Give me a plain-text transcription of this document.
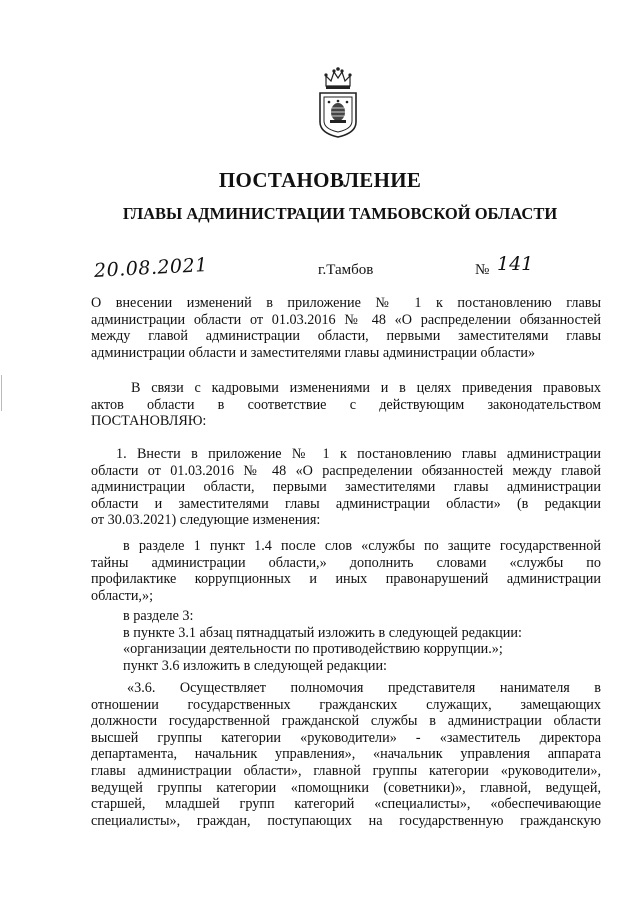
ПОСТАНОВЛЕНИЕ
ГЛАВЫ АДМИНИСТРАЦИИ ТАМБОВСКОЙ ОБЛАСТИ
20.08.2021	г.Тамбов	№ 141
О внесении изменений в приложение № 1 к постановлению главы
администрации области от 01.03.2016 № 48 «О распределении обязанностей
между главой администрации области, первыми заместителями главы
администрации области и заместителями главы администрации области»
В связи с кадровыми изменениями и в целях приведения правовых
актов области в соответствие с действующим законодательством
ПОСТАНОВЛЯЮ:
1. Внести в приложение № 1 к постановлению главы администрации
области от 01.03.2016 № 48 «О распределении обязанностей между главой
администрации области, первыми заместителями главы администрации
области и заместителями главы администрации области» (в редакции
от 30.03.2021) следующие изменения:
в разделе 1 пункт 1.4 после слов «службы по защите государственной
тайны администрации области,» дополнить словами «службы по
профилактике коррупционных и иных правонарушений администрации
области,»;
в разделе 3:
в пункте 3.1 абзац пятнадцатый изложить в следующей редакции:
«организации деятельности по противодействию коррупции.»;
пункт 3.6 изложить в следующей редакции:
«3.6. Осуществляет полномочия представителя нанимателя в
отношении государственных гражданских служащих, замещающих
должности государственной гражданской службы в администрации области
высшей группы категории «руководители» - «заместитель директора
департамента, начальник управления», «начальник управления аппарата
главы администрации области», главной группы категории «руководители»,
ведущей группы категории «помощники (советники)», главной, ведущей,
старшей, младшей групп категорий «специалисты», «обеспечивающие
специалисты», граждан, поступающих на государственную гражданскую
